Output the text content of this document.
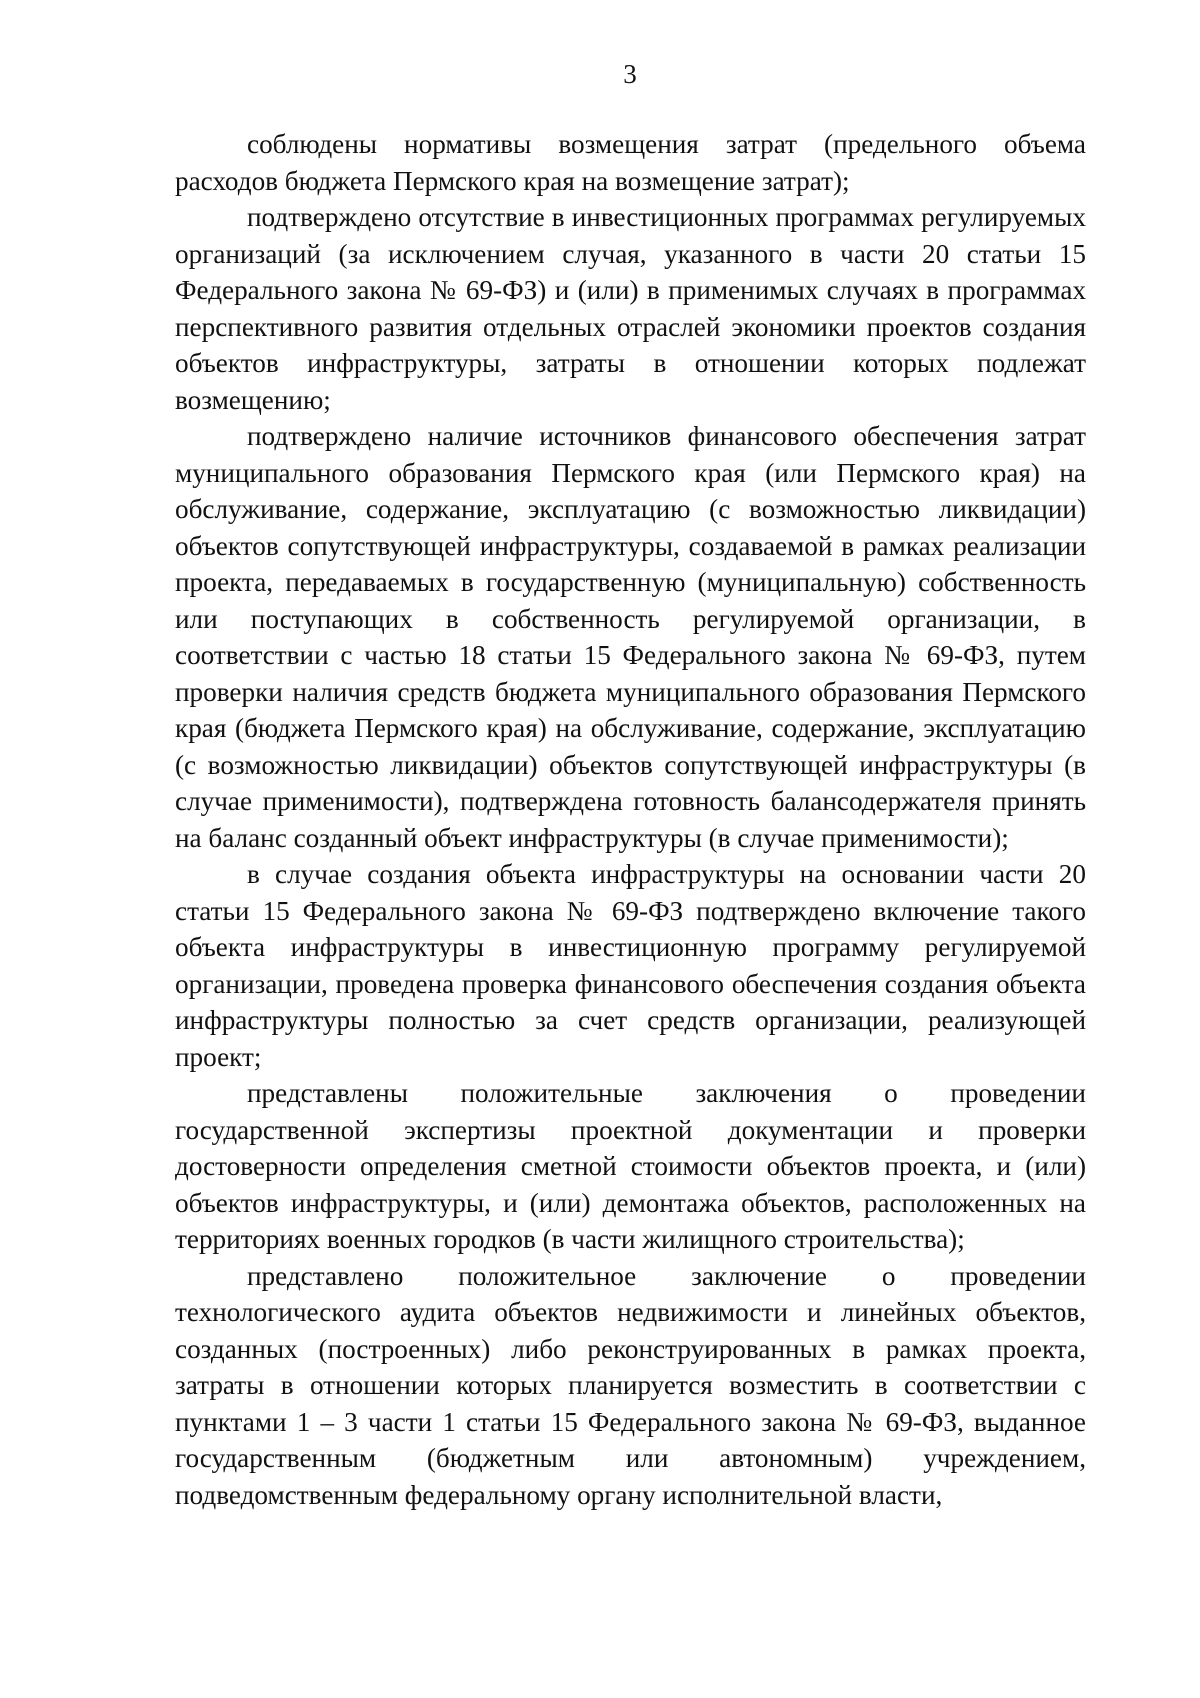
3

соблюдены нормативы возмещения затрат (предельного объема расходов бюджета Пермского края на возмещение затрат);

подтверждено отсутствие в инвестиционных программах регулируемых организаций (за исключением случая, указанного в части 20 статьи 15 Федерального закона № 69-ФЗ) и (или) в применимых случаях в программах перспективного развития отдельных отраслей экономики проектов создания объектов инфраструктуры, затраты в отношении которых подлежат возмещению;

подтверждено наличие источников финансового обеспечения затрат муниципального образования Пермского края (или Пермского края) на обслуживание, содержание, эксплуатацию (с возможностью ликвидации) объектов сопутствующей инфраструктуры, создаваемой в рамках реализации проекта, передаваемых в государственную (муниципальную) собственность или поступающих в собственность регулируемой организации, в соответствии с частью 18 статьи 15 Федерального закона № 69-ФЗ, путем проверки наличия средств бюджета муниципального образования Пермского края (бюджета Пермского края) на обслуживание, содержание, эксплуатацию (с возможностью ликвидации) объектов сопутствующей инфраструктуры (в случае применимости), подтверждена готовность балансодержателя принять на баланс созданный объект инфраструктуры (в случае применимости);

в случае создания объекта инфраструктуры на основании части 20 статьи 15 Федерального закона № 69-ФЗ подтверждено включение такого объекта инфраструктуры в инвестиционную программу регулируемой организации, проведена проверка финансового обеспечения создания объекта инфраструктуры полностью за счет средств организации, реализующей проект;

представлены положительные заключения о проведении государственной экспертизы проектной документации и проверки достоверности определения сметной стоимости объектов проекта, и (или) объектов инфраструктуры, и (или) демонтажа объектов, расположенных на территориях военных городков (в части жилищного строительства);

представлено положительное заключение о проведении технологического аудита объектов недвижимости и линейных объектов, созданных (построенных) либо реконструированных в рамках проекта, затраты в отношении которых планируется возместить в соответствии с пунктами 1 – 3 части 1 статьи 15 Федерального закона № 69-ФЗ, выданное государственным (бюджетным или автономным) учреждением, подведомственным федеральному органу исполнительной власти,
